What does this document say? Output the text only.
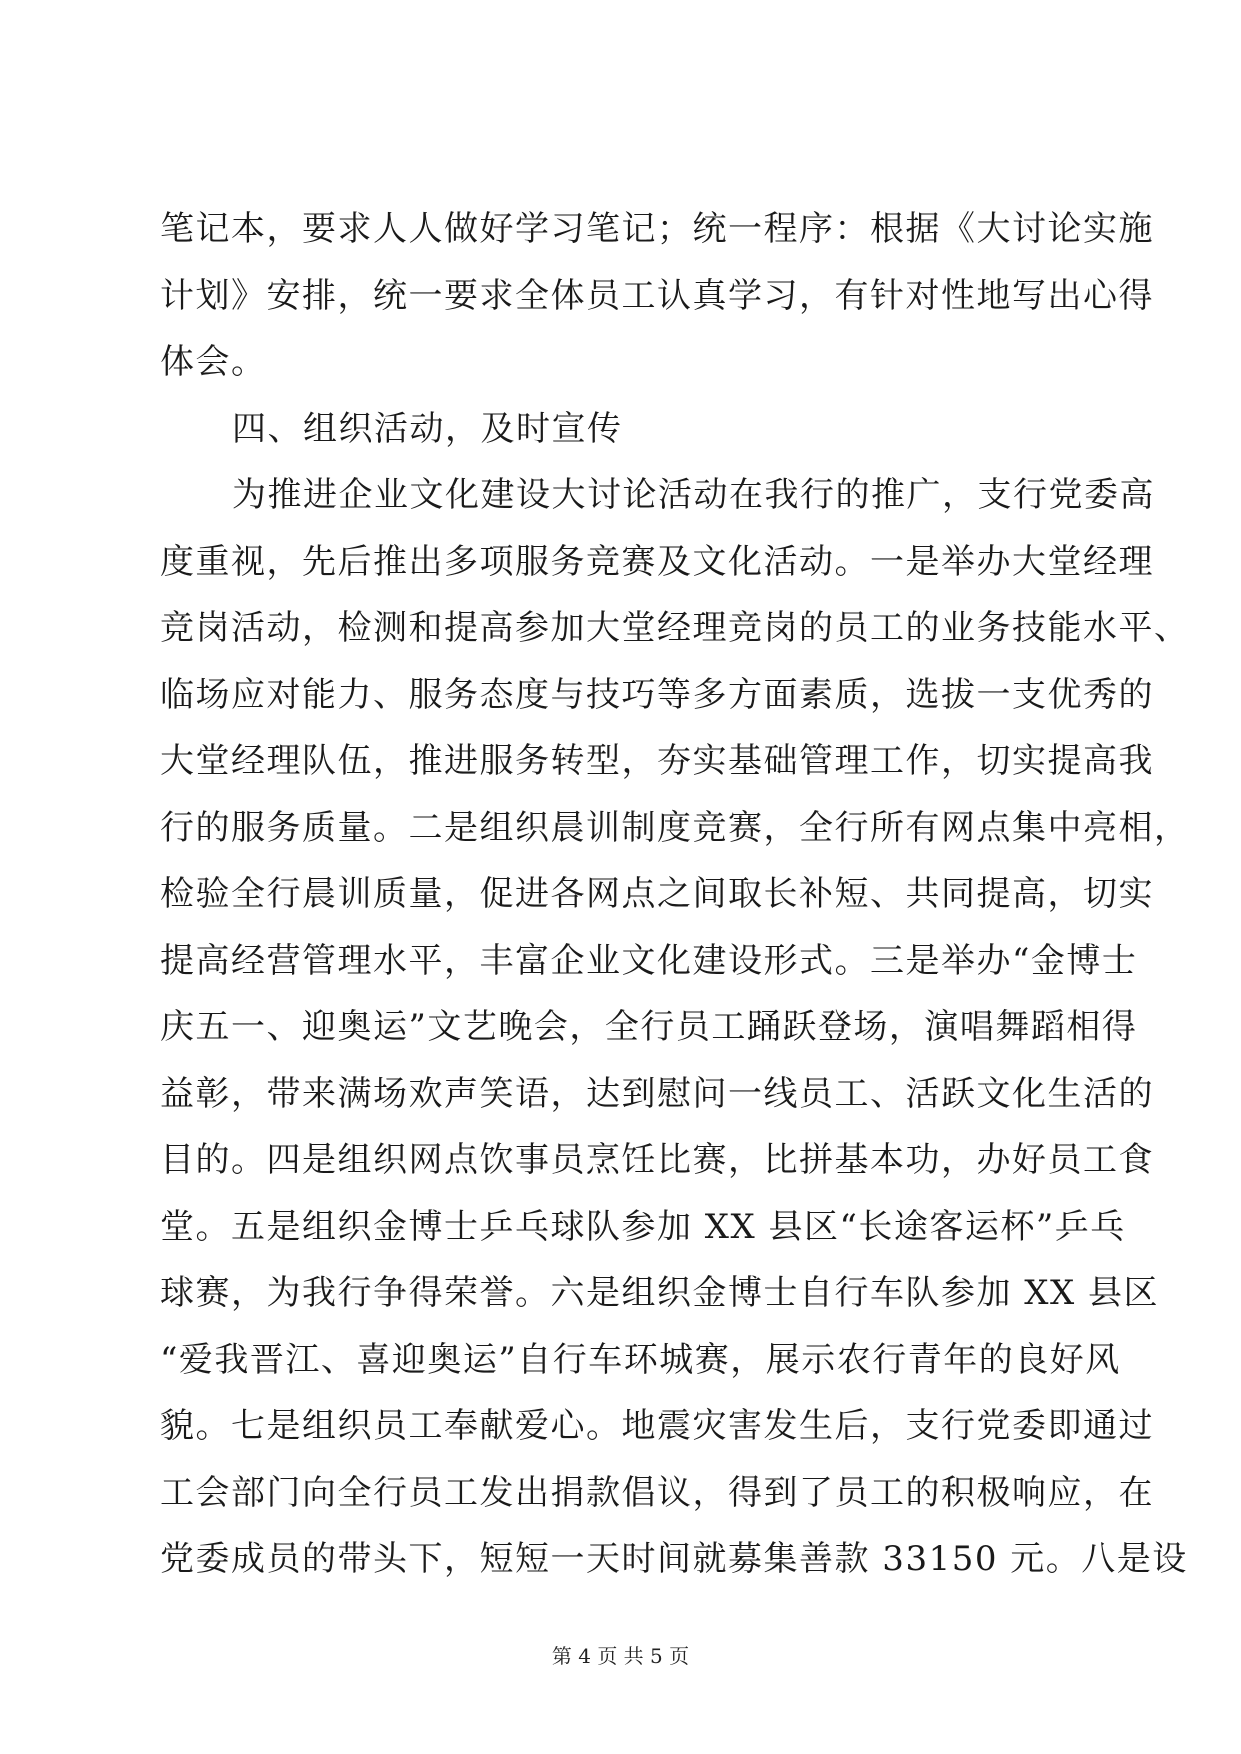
笔记本，要求人人做好学习笔记；统一程序：根据《大讨论实施
计划》安排，统一要求全体员工认真学习，有针对性地写出心得
体会。
四、组织活动，及时宣传
为推进企业文化建设大讨论活动在我行的推广，支行党委高
度重视，先后推出多项服务竞赛及文化活动。一是举办大堂经理
竞岗活动，检测和提高参加大堂经理竞岗的员工的业务技能水平、
临场应对能力、服务态度与技巧等多方面素质，选拔一支优秀的
大堂经理队伍，推进服务转型，夯实基础管理工作，切实提高我
行的服务质量。二是组织晨训制度竞赛，全行所有网点集中亮相，
检验全行晨训质量，促进各网点之间取长补短、共同提高，切实
提高经营管理水平，丰富企业文化建设形式。三是举办“金博士
庆五一、迎奥运”文艺晚会，全行员工踊跃登场，演唱舞蹈相得
益彰，带来满场欢声笑语，达到慰问一线员工、活跃文化生活的
目的。四是组织网点饮事员烹饪比赛，比拼基本功，办好员工食
堂。五是组织金博士乒乓球队参加 XX 县区“长途客运杯”乒乓
球赛，为我行争得荣誉。六是组织金博士自行车队参加 XX 县区
“爱我晋江、喜迎奥运”自行车环城赛，展示农行青年的良好风
貌。七是组织员工奉献爱心。地震灾害发生后，支行党委即通过
工会部门向全行员工发出捐款倡议，得到了员工的积极响应，在
党委成员的带头下，短短一天时间就募集善款 33150 元。八是设
第 4 页 共 5 页
